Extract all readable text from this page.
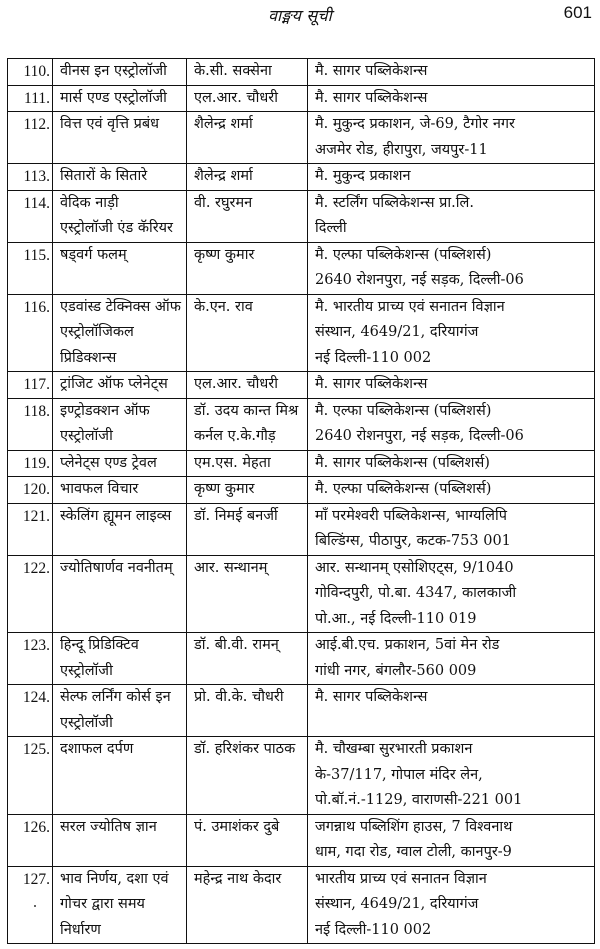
वाङ्मय सूची	601
110.	वीनस इन एस्ट्रोलॉजी	के.सी. सक्सेना	मै. सागर पब्लिकेशन्स

111.	मार्स एण्ड एस्ट्रोलॉजी	एल.आर. चौधरी	मै. सागर पब्लिकेशन्स

112.	वित्त एवं वृत्ति प्रबंध	शैलेन्द्र शर्मा	मै. मुकुन्द प्रकाशन, जे-69, टैगोर नगर
अजमेर रोड, हीरापुरा, जयपुर-11

113.	सितारों के सितारे	शैलेन्द्र शर्मा	मै. मुकुन्द प्रकाशन

114.	वेदिक नाड़ी
एस्ट्रोलॉजी एंड कॅरियर	वी. रघुरमन	मै. स्टर्लिंग पब्लिकेशन्स प्रा.लि.
दिल्ली

115.	षड्वर्ग फलम्	कृष्ण कुमार	मै. एल्फा पब्लिकेशन्स (पब्लिशर्स)
2640 रोशनपुरा, नई सड़क, दिल्ली-06

116.	एडवांस्ड टेक्निक्स ऑफ
एस्ट्रोलॉजिकल
प्रिडिक्शन्स	के.एन. राव	मै. भारतीय प्राच्य एवं सनातन विज्ञान
संस्थान, 4649/21, दरियागंज
नई दिल्ली-110 002

117.	ट्रांजिट ऑफ प्लेनेट्स	एल.आर. चौधरी	मै. सागर पब्लिकेशन्स

118.	इण्ट्रोडक्शन ऑफ
एस्ट्रोलॉजी	डॉ. उदय कान्त मिश्र
कर्नल ए.के.गौड़	मै. एल्फा पब्लिकेशन्स (पब्लिशर्स)
2640 रोशनपुरा, नई सड़क, दिल्ली-06

119.	प्लेनेट्स एण्ड ट्रेवल	एम.एस. मेहता	मै. सागर पब्लिकेशन्स (पब्लिशर्स)

120.	भावफल विचार	कृष्ण कुमार	मै. एल्फा पब्लिकेशन्स (पब्लिशर्स)

121.	स्केलिंग ह्यूमन लाइव्स	डॉ. निमई बनर्जी	माँ परमेश्वरी पब्लिकेशन्स, भाग्यलिपि
बिल्डिंग्स, पीठापुर, कटक-753 001

122.	ज्योतिषार्णव नवनीतम्	आर. सन्थानम्	आर. सन्थानम् एसोशिएट्स, 9/1040
गोविन्दपुरी, पो.बा. 4347, कालकाजी
पो.आ., नई दिल्ली-110 019

123.	हिन्दू प्रिडिक्टिव
एस्ट्रोलॉजी	डॉ. बी.वी. रामन्	आई.बी.एच. प्रकाशन, 5वां मेन रोड
गांधी नगर, बंगलौर-560 009

124.	सेल्फ लर्निंग कोर्स इन
एस्ट्रोलॉजी	प्रो. वी.के. चौधरी	मै. सागर पब्लिकेशन्स

125.	दशाफल दर्पण	डॉ. हरिशंकर पाठक	मै. चौखम्बा सुरभारती प्रकाशन
के-37/117, गोपाल मंदिर लेन,
पो.बॉ.नं.-1129, वाराणसी-221 001

126.	सरल ज्योतिष ज्ञान	पं. उमाशंकर दुबे	जगन्नाथ पब्लिशिंग हाउस, 7 विश्वनाथ
धाम, गदा रोड, ग्वाल टोली, कानपुर-9

127.	भाव निर्णय, दशा एवं
गोचर द्वारा समय
निर्धारण	महेन्द्र नाथ केदार	भारतीय प्राच्य एवं सनातन विज्ञान
संस्थान, 4649/21, दरियागंज
नई दिल्ली-110 002
